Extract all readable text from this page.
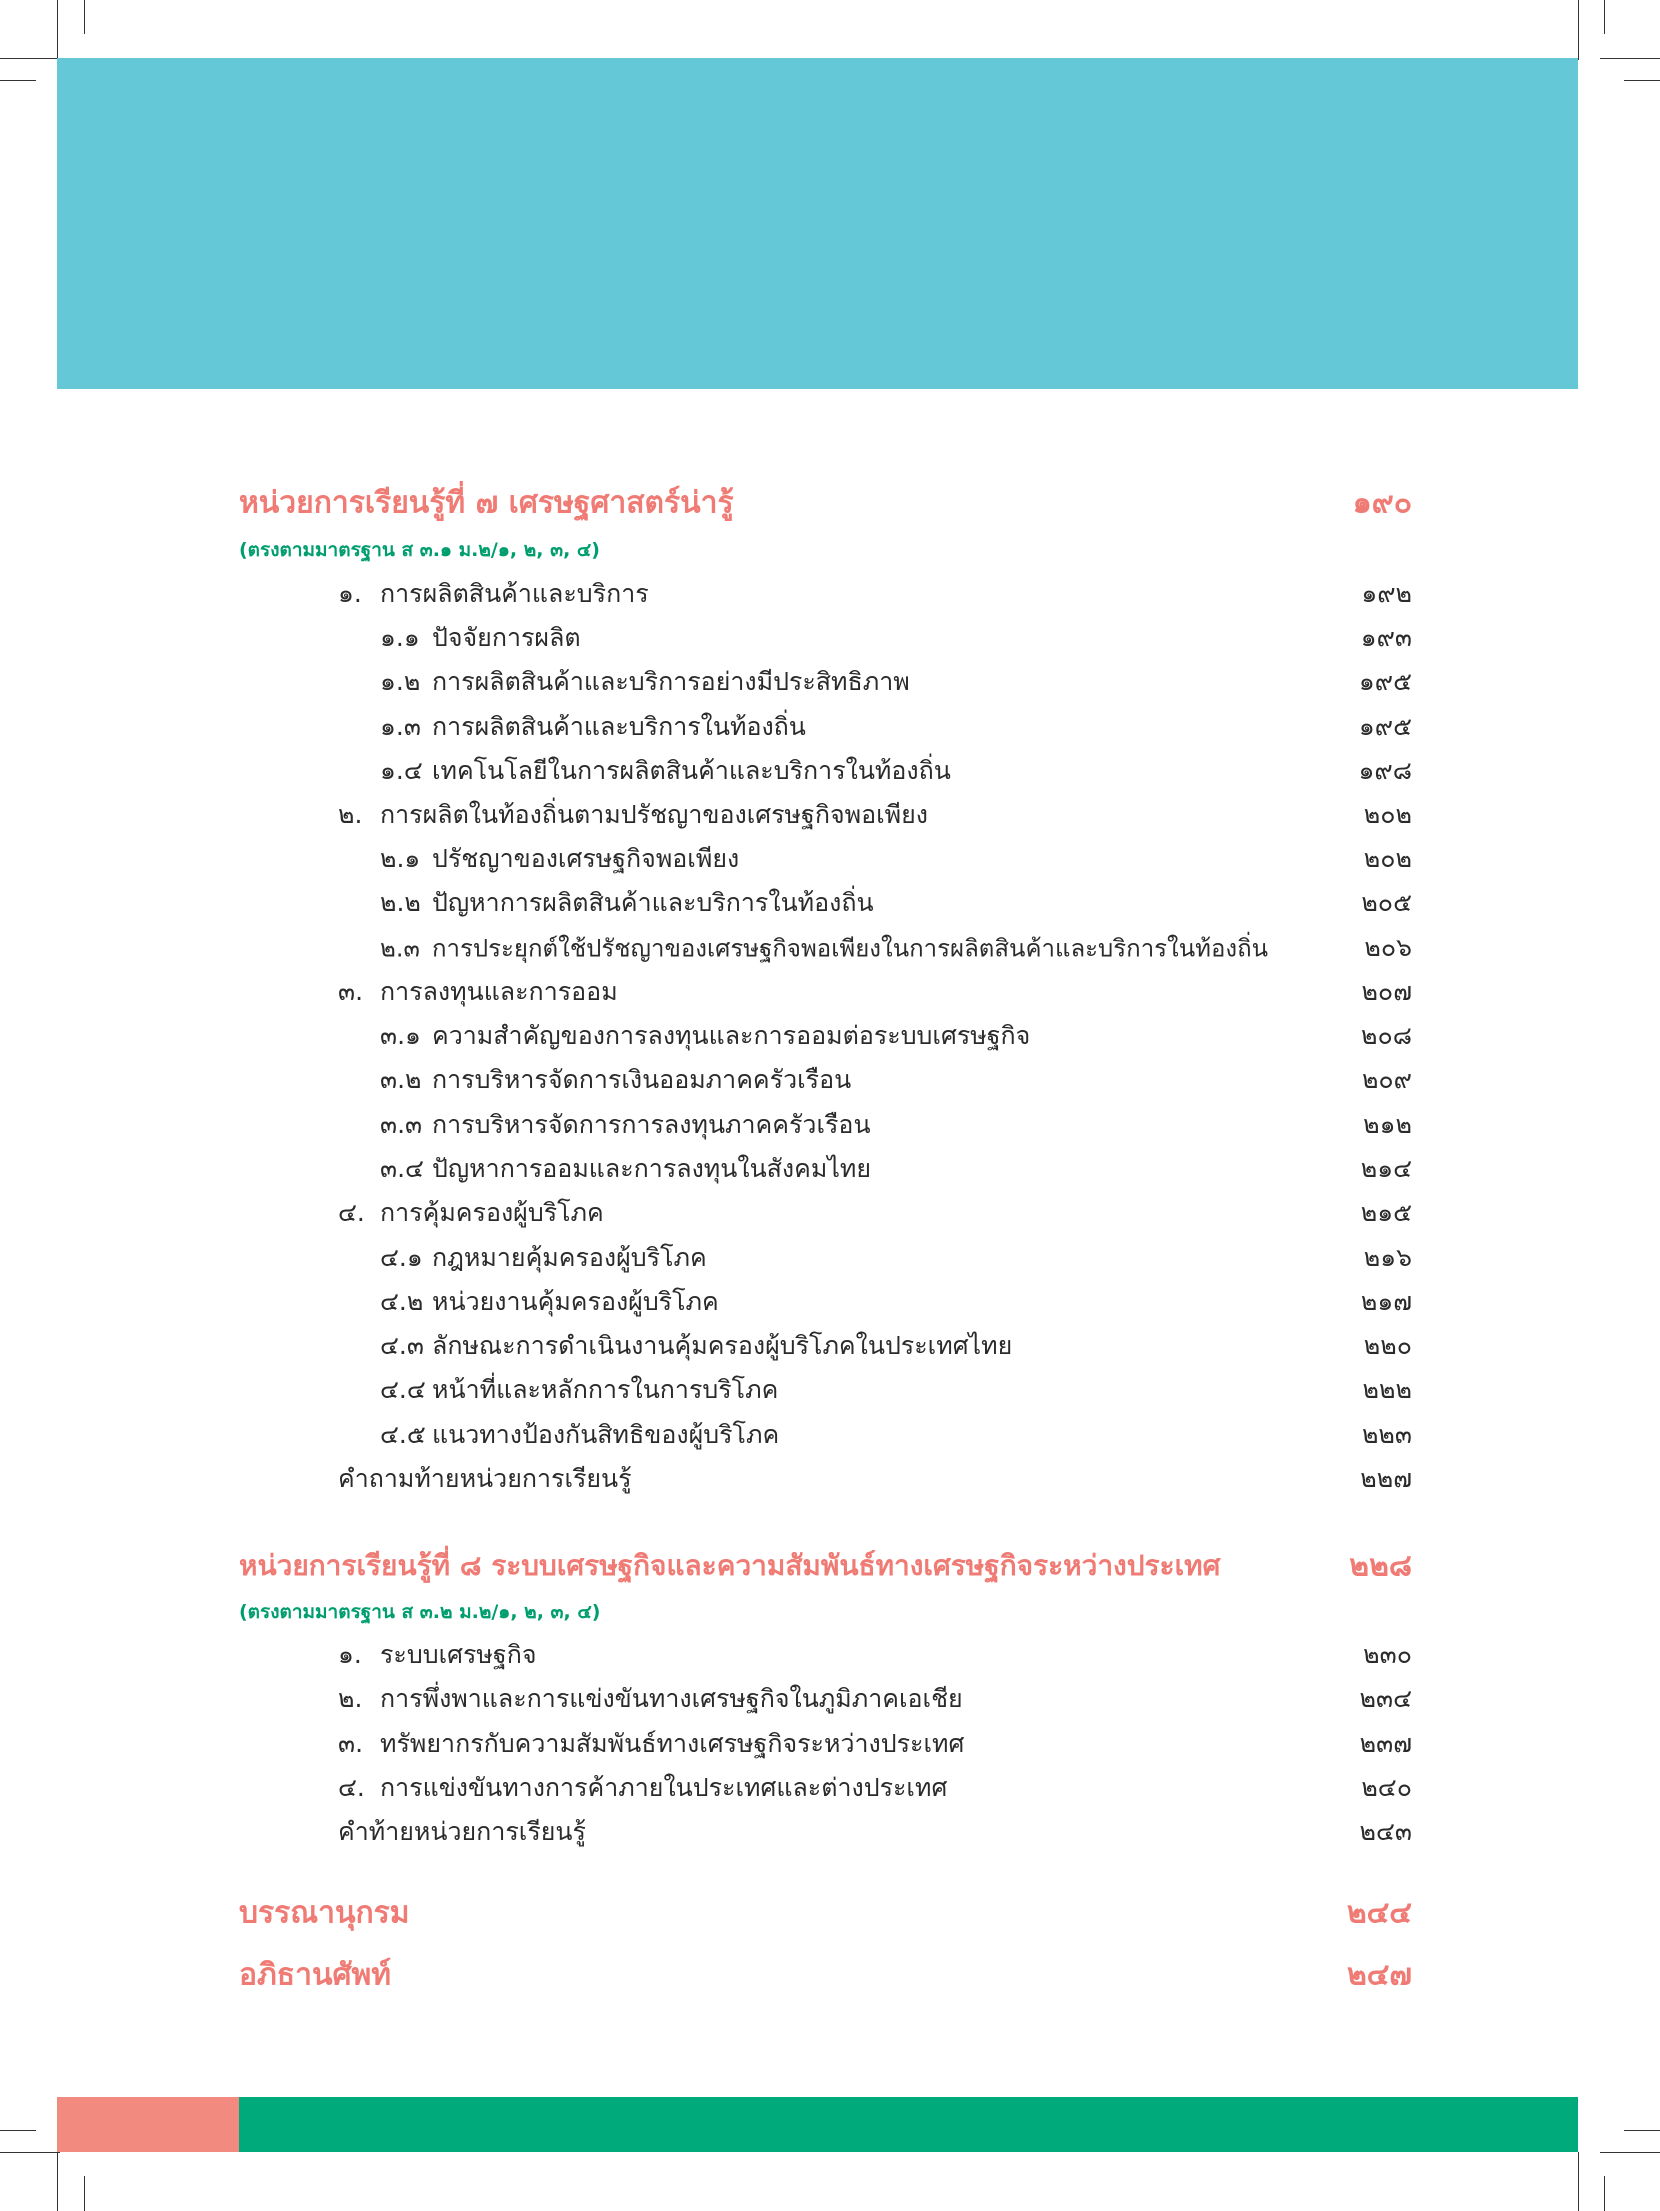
หน่วยการเรียนรู้ที่ ๗ เศรษฐศาสตร์น่ารู้	๑๙๐
(ตรงตามมาตรฐาน ส ๓.๑ ม.๒/๑, ๒, ๓, ๔)
๑. การผลิตสินค้าและบริการ	๑๙๒
๑.๑ ปัจจัยการผลิต	๑๙๓
๑.๒ การผลิตสินค้าและบริการอย่างมีประสิทธิภาพ	๑๙๕
๑.๓ การผลิตสินค้าและบริการในท้องถิ่น	๑๙๕
๑.๔ เทคโนโลยีในการผลิตสินค้าและบริการในท้องถิ่น	๑๙๘
๒. การผลิตในท้องถิ่นตามปรัชญาของเศรษฐกิจพอเพียง	๒๐๒
๒.๑ ปรัชญาของเศรษฐกิจพอเพียง	๒๐๒
๒.๒ ปัญหาการผลิตสินค้าและบริการในท้องถิ่น	๒๐๕
๒.๓ การประยุกต์ใช้ปรัชญาของเศรษฐกิจพอเพียงในการผลิตสินค้าและบริการในท้องถิ่น	๒๐๖
๓. การลงทุนและการออม	๒๐๗
๓.๑ ความสำคัญของการลงทุนและการออมต่อระบบเศรษฐกิจ	๒๐๘
๓.๒ การบริหารจัดการเงินออมภาคครัวเรือน	๒๐๙
๓.๓ การบริหารจัดการการลงทุนภาคครัวเรือน	๒๑๒
๓.๔ ปัญหาการออมและการลงทุนในสังคมไทย	๒๑๔
๔. การคุ้มครองผู้บริโภค	๒๑๕
๔.๑ กฎหมายคุ้มครองผู้บริโภค	๒๑๖
๔.๒ หน่วยงานคุ้มครองผู้บริโภค	๒๑๗
๔.๓ ลักษณะการดำเนินงานคุ้มครองผู้บริโภคในประเทศไทย	๒๒๐
๔.๔ หน้าที่และหลักการในการบริโภค	๒๒๒
๔.๕ แนวทางป้องกันสิทธิของผู้บริโภค	๒๒๓
คำถามท้ายหน่วยการเรียนรู้	๒๒๗
หน่วยการเรียนรู้ที่ ๘ ระบบเศรษฐกิจและความสัมพันธ์ทางเศรษฐกิจระหว่างประเทศ	๒๒๘
(ตรงตามมาตรฐาน ส ๓.๒ ม.๒/๑, ๒, ๓, ๔)
๑. ระบบเศรษฐกิจ	๒๓๐
๒. การพึ่งพาและการแข่งขันทางเศรษฐกิจในภูมิภาคเอเชีย	๒๓๔
๓. ทรัพยากรกับความสัมพันธ์ทางเศรษฐกิจระหว่างประเทศ	๒๓๗
๔. การแข่งขันทางการค้าภายในประเทศและต่างประเทศ	๒๔๐
คำท้ายหน่วยการเรียนรู้	๒๔๓
บรรณานุกรม	๒๔๔
อภิธานศัพท์	๒๔๗
